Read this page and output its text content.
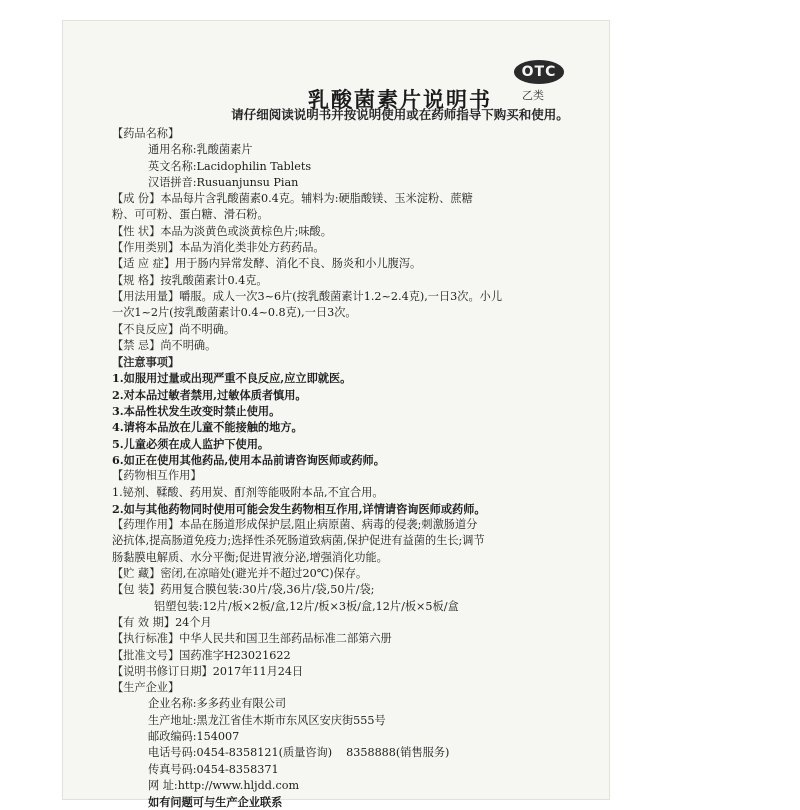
乳酸菌素片说明书
请仔细阅读说明书并按说明使用或在药师指导下购买和使用。
OTC
乙类
【药品名称】
通用名称:乳酸菌素片
英文名称:Lacidophilin Tablets
汉语拼音:Rusuanjunsu Pian
【成 份】本品每片含乳酸菌素0.4克。辅料为:硬脂酸镁、玉米淀粉、蔗糖
粉、可可粉、蛋白糖、滑石粉。
【性 状】本品为淡黄色或淡黄棕色片;味酸。
【作用类别】本品为消化类非处方药药品。
【适 应 症】用于肠内异常发酵、消化不良、肠炎和小儿腹泻。
【规 格】按乳酸菌素计0.4克。
【用法用量】嚼服。成人一次3~6片(按乳酸菌素计1.2~2.4克),一日3次。小儿
一次1~2片(按乳酸菌素计0.4~0.8克),一日3次。
【不良反应】尚不明确。
【禁 忌】尚不明确。
【注意事项】
1.如服用过量或出现严重不良反应,应立即就医。
2.对本品过敏者禁用,过敏体质者慎用。
3.本品性状发生改变时禁止使用。
4.请将本品放在儿童不能接触的地方。
5.儿童必须在成人监护下使用。
6.如正在使用其他药品,使用本品前请咨询医师或药师。
【药物相互作用】
1.铋剂、鞣酸、药用炭、酊剂等能吸附本品,不宜合用。
2.如与其他药物同时使用可能会发生药物相互作用,详情请咨询医师或药师。
【药理作用】本品在肠道形成保护层,阻止病原菌、病毒的侵袭;刺激肠道分
泌抗体,提高肠道免疫力;选择性杀死肠道致病菌,保护促进有益菌的生长;调节
肠黏膜电解质、水分平衡;促进胃液分泌,增强消化功能。
【贮 藏】密闭,在凉暗处(避光并不超过20℃)保存。
【包 装】药用复合膜包装:30片/袋,36片/袋,50片/袋;
铝塑包装:12片/板×2板/盒,12片/板×3板/盒,12片/板×5板/盒
【有 效 期】24个月
【执行标准】中华人民共和国卫生部药品标准二部第六册
【批准文号】国药准字H23021622
【说明书修订日期】2017年11月24日
【生产企业】
企业名称:多多药业有限公司
生产地址:黑龙江省佳木斯市东风区安庆街555号
邮政编码:154007
电话号码:0454-8358121(质量咨询) 8358888(销售服务)
传真号码:0454-8358371
网 址:http://www.hljdd.com
如有问题可与生产企业联系
